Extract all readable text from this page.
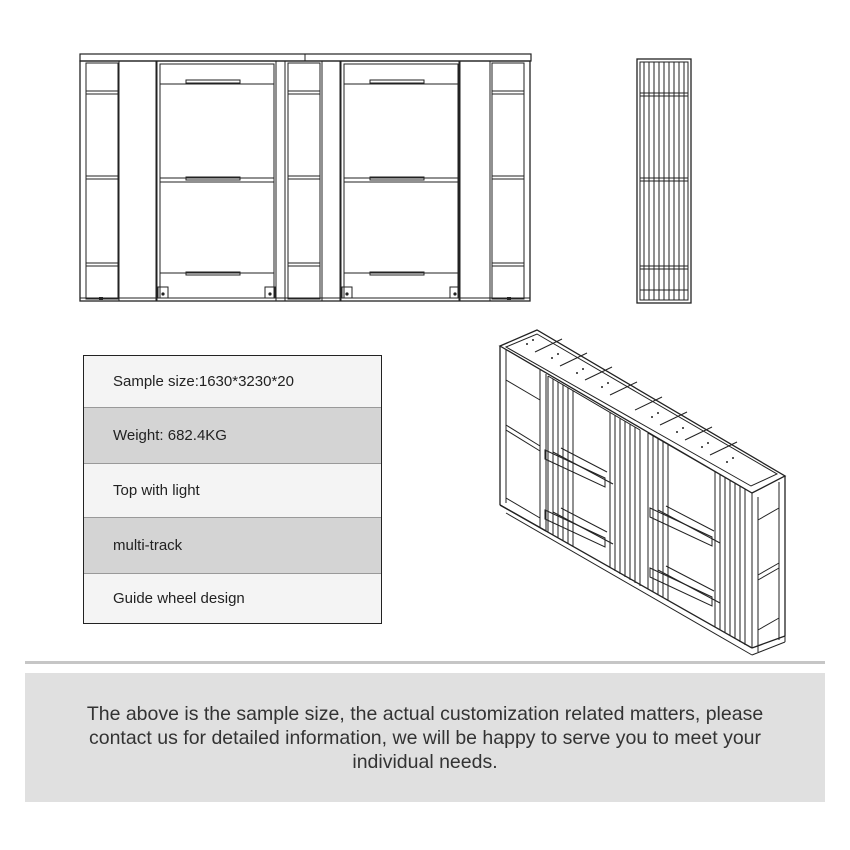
Sample size:1630*3230*20
Weight: 682.4KG
Top with light
multi-track
Guide wheel design
The above is the sample size, the actual customization related matters, please contact us for detailed information, we will be happy to serve you to meet your individual needs.
